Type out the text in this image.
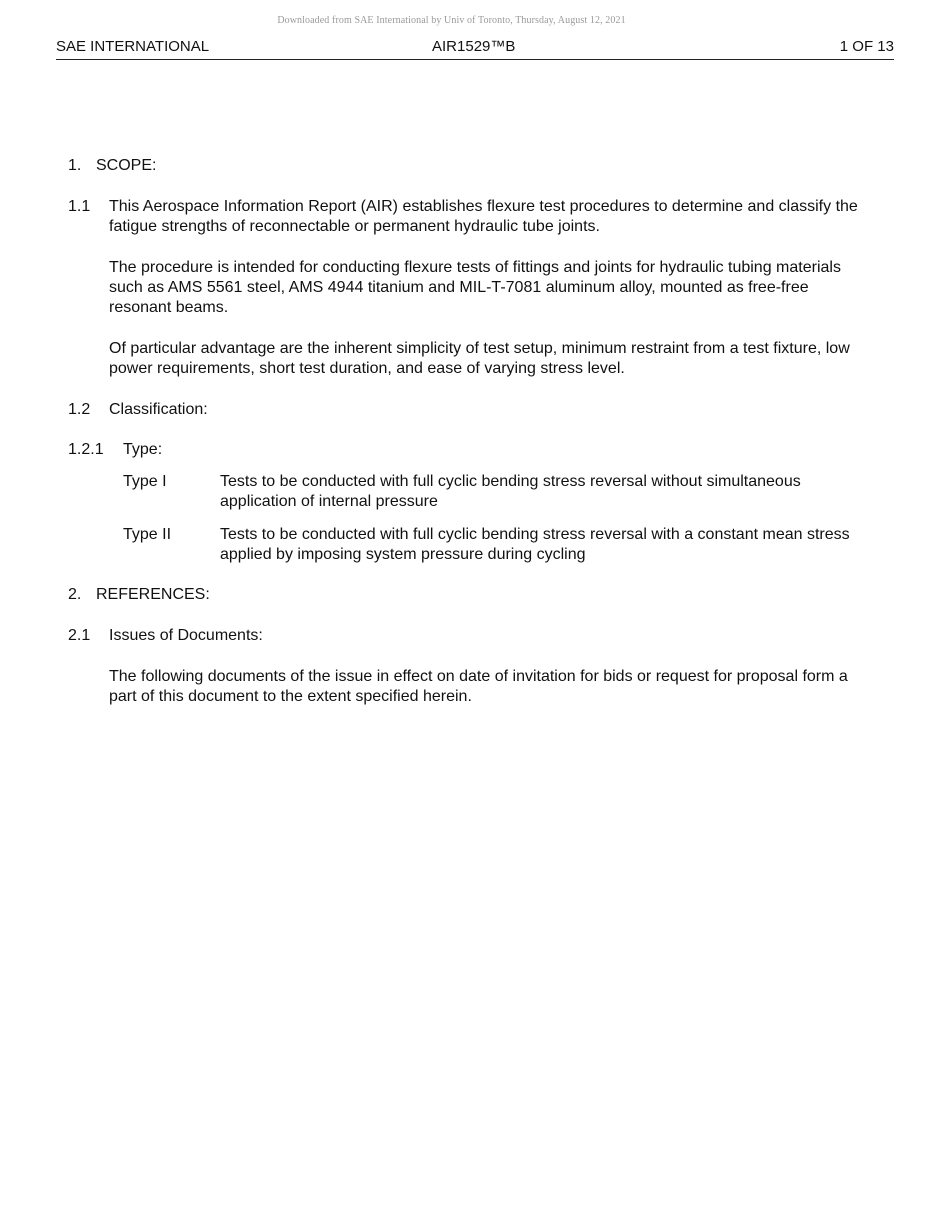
Downloaded from SAE International by Univ of Toronto, Thursday, August 12, 2021
SAE INTERNATIONAL	AIR1529™B	1 OF 13
1. SCOPE:
1.1	This Aerospace Information Report (AIR) establishes flexure test procedures to determine and classify the fatigue strengths of reconnectable or permanent hydraulic tube joints.
The procedure is intended for conducting flexure tests of fittings and joints for hydraulic tubing materials such as AMS 5561 steel, AMS 4944 titanium and MIL-T-7081 aluminum alloy, mounted as free-free resonant beams.
Of particular advantage are the inherent simplicity of test setup, minimum restraint from a test fixture, low power requirements, short test duration, and ease of varying stress level.
1.2	Classification:
1.2.1	Type:
Type I	Tests to be conducted with full cyclic bending stress reversal without simultaneous application of internal pressure
Type II	Tests to be conducted with full cyclic bending stress reversal with a constant mean stress applied by imposing system pressure during cycling
2. REFERENCES:
2.1	Issues of Documents:
The following documents of the issue in effect on date of invitation for bids or request for proposal form a part of this document to the extent specified herein.
